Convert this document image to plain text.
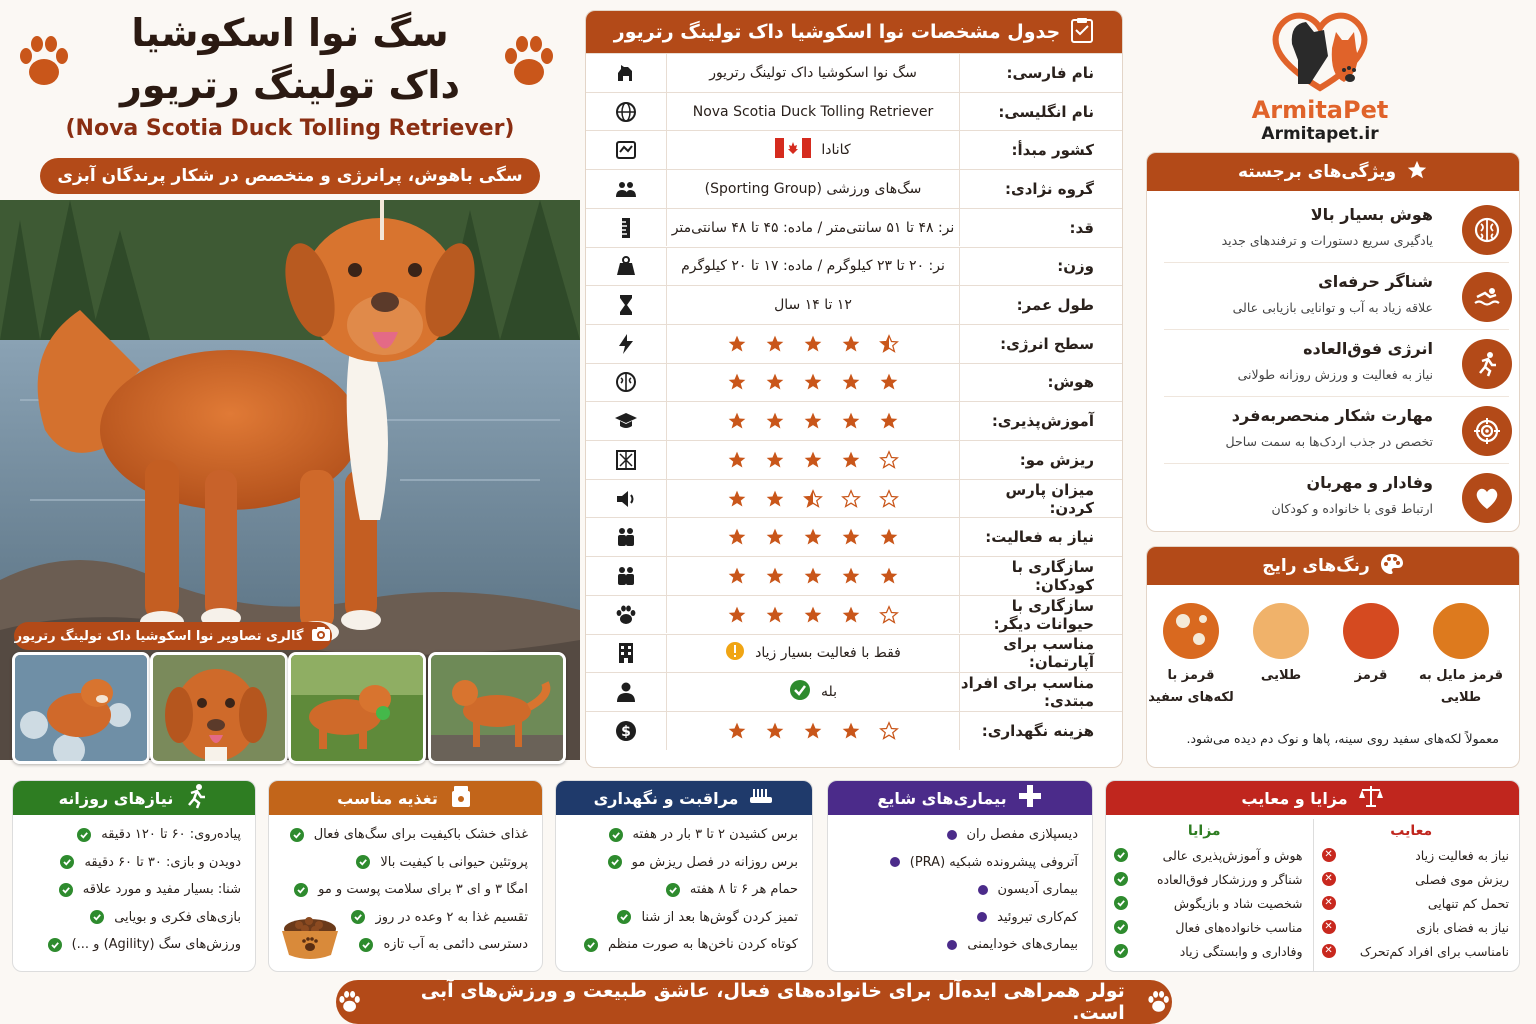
سگ نوا اسکوشیا
داک تولینگ رتریور
(Nova Scotia Duck Tolling Retriever)
سگی باهوش، پرانرژی و متخصص در شکار پرندگان آبزی
گالری تصاویر نوا اسکوشیا داک تولینگ رتریور
جدول مشخصات نوا اسکوشیا داک تولینگ رتریور
نام فارسی:
سگ نوا اسکوشیا داک تولینگ رتریور
نام انگلیسی:
Nova Scotia Duck Tolling Retriever
کشور مبدأ:
کانادا
گروه نژادی:
سگ‌های ورزشی (Sporting Group)
قد:
نر: ۴۸ تا ۵۱ سانتی‌متر / ماده: ۴۵ تا ۴۸ سانتی‌متر
وزن:
نر: ۲۰ تا ۲۳ کیلوگرم / ماده: ۱۷ تا ۲۰ کیلوگرم
طول عمر:
۱۲ تا ۱۴ سال
سطح انرژی:
هوش:
آموزش‌پذیری:
ریزش مو:
میزان پارس کردن:
نیاز به فعالیت:
سازگاری با کودکان:
سازگاری با حیوانات دیگر:
مناسب برای آپارتمان:
فقط با فعالیت بسیار زیاد
مناسب برای افراد مبتدی:
بله
هزینه نگهداری:
$
ArmitaPet
Armitapet.ir
ویژگی‌های برجسته
هوش بسیار بالا
یادگیری سریع دستورات و ترفندهای جدید
شناگر حرفه‌ای
علاقه زیاد به آب و توانایی بازیابی عالی
انرژی فوق‌العاده
نیاز به فعالیت و ورزش روزانه طولانی
مهارت شکار منحصربه‌فرد
تخصص در جذب اردک‌ها به سمت ساحل
وفادار و مهربان
ارتباط قوی با خانواده و کودکان
رنگ‌های رایج
معمولاً لکه‌های سفید روی سینه، پاها و نوک دم دیده می‌شود.
قرمز با لکه‌های سفید
طلایی	قرمز	قرمز مایل به طلایی
نیازهای روزانه
پیاده‌روی: ۶۰ تا ۱۲۰ دقیقه
دویدن و بازی: ۳۰ تا ۶۰ دقیقه
شنا: بسیار مفید و مورد علاقه
بازی‌های فکری و بویایی
ورزش‌های سگ (Agility) و ...)
تغذیه مناسب
غذای خشک باکیفیت برای سگ‌های فعال
پروتئین حیوانی با کیفیت بالا
امگا ۳ و ای ۳ برای سلامت پوست و مو
تقسیم غذا به ۲ وعده در روز
دسترسی دائمی به آب تازه
مراقبت و نگهداری
برس کشیدن ۲ تا ۳ بار در هفته
برس روزانه در فصل ریزش مو
حمام هر ۶ تا ۸ هفته
تمیز کردن گوش‌ها بعد از شنا
کوتاه کردن ناخن‌ها به صورت منظم
بیماری‌های شایع
دیسپلازی مفصل ران
آتروفی پیشرونده شبکیه (PRA)
بیماری آدیسون
کم‌کاری تیروئید
بیماری‌های خودایمنی
مزایا و معایب
معایب
نیاز به فعالیت زیاد
✕
ریزش موی فصلی
✕
تحمل کم تنهایی
✕
نیاز به فضای بازی
✕
نامناسب برای افراد کم‌تحرک
✕
مزایا
هوش و آموزش‌پذیری عالی
شناگر و ورزشکار فوق‌العاده
شخصیت شاد و بازیگوش
مناسب خانواده‌های فعال
وفاداری و وابستگی زیاد
تولر همراهی ایده‌آل برای خانواده‌های فعال، عاشق طبیعت و ورزش‌های آبی است.
